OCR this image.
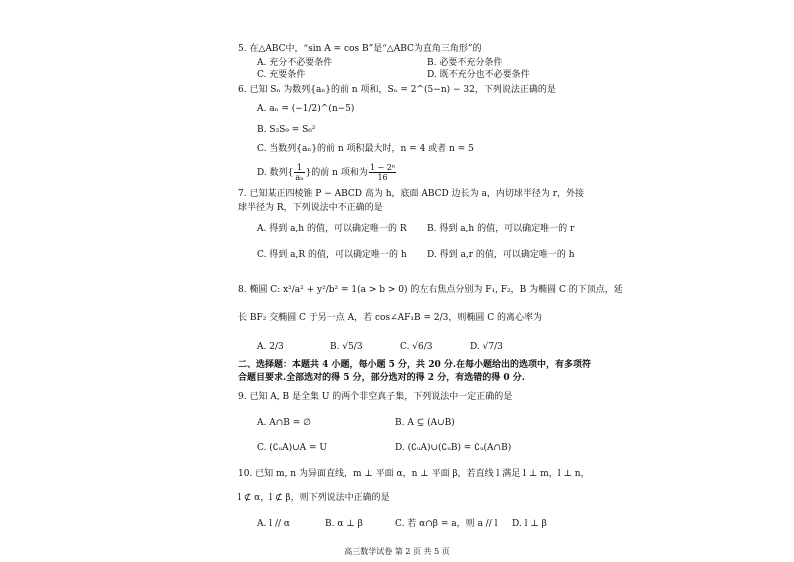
5. 在△ABC中，“sin A = cos B”是“△ABC为直角三角形”的
A. 充分不必要条件	B. 必要不充分条件
C. 充要条件	D. 既不充分也不必要条件
6. 已知 Sₙ 为数列{aₙ}的前 n 项和，Sₙ = 2^(5−n) − 32，下列说法正确的是
A. aₙ = (−1/2)^(n−5)
B. S₃S₉ = S₆²
C. 当数列{aₙ}的前 n 项积最大时，n = 4 或者 n = 5
D. 数列{ $\frac{1}{\text{aₙ}}$ }的前 n 项和为 $\frac{\text{1 − 2ⁿ}}{16}$
7. 已知某正四棱锥 P − ABCD 高为 h，底面 ABCD 边长为 a，内切球半径为 r，外接
球半径为 R，下列说法中不正确的是
A. 得到 a,h 的值，可以确定唯一的 R B. 得到 a,h 的值，可以确定唯一的 r
C. 得到 a,R 的值，可以确定唯一的 h D. 得到 a,r 的值，可以确定唯一的 h
8. 椭圆 C: x²/a² + y²/b² = 1(a > b > 0) 的左右焦点分别为 F₁, F₂，B 为椭圆 C 的下顶点，延
长 BF₂ 交椭圆 C 于另一点 A，若 cos∠AF₁B = 2/3，则椭圆 C 的离心率为
A. 2/3	B. √5/3	C. √6/3	D. √7/3
二、选择题：本题共 4 小题，每小题 5 分，共 20 分.在每小题给出的选项中，有多项符
合题目要求.全部选对的得 5 分，部分选对的得 2 分，有选错的得 0 分.
9. 已知 A, B 是全集 U 的两个非空真子集，下列说法中一定正确的是
A. A∩B = ∅	B. A ⊆ (A∪B)
C. (∁ᵤA)∪A = U	D. (∁ᵤA)∪(∁ᵤB) = ∁ᵤ(A∩B)
10. 已知 m, n 为异面直线，m ⊥ 平面 α，n ⊥ 平面 β，若直线 l 满足 l ⊥ m，l ⊥ n，
l ⊄ α，l ⊄ β，则下列说法中正确的是
A. l // α	B. α ⊥ β	C. 若 α∩β = a，则 a // l D. l ⊥ β
高三数学试卷 第 2 页 共 5 页
